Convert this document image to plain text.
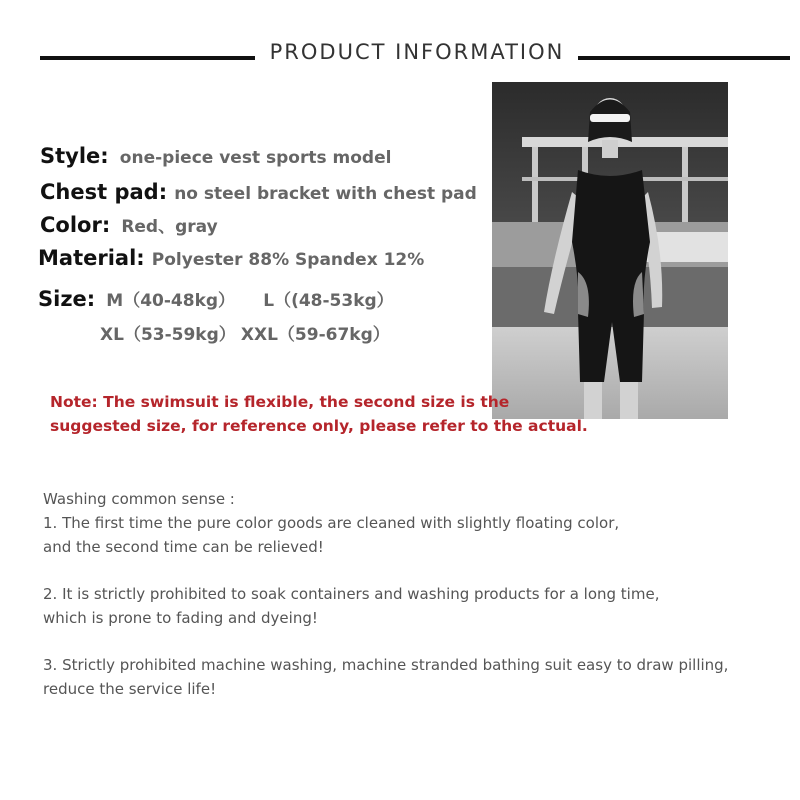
PRODUCT INFORMATION
Style: one-piece vest sports model
Chest pad: no steel bracket with chest pad
Color: Red、gray
Material: Polyester 88% Spandex 12%
Size: M（40-48kg） L（(48-53kg）
XL（53-59kg） XXL（59-67kg）
Note: The swimsuit is flexible, the second size is the
suggested size, for reference only, please refer to the actual.
Washing common sense :
1. The first time the pure color goods are cleaned with slightly floating color,
and the second time can be relieved!
2. It is strictly prohibited to soak containers and washing products for a long time,
which is prone to fading and dyeing!
3. Strictly prohibited machine washing, machine stranded bathing suit easy to draw pilling,
reduce the service life!
